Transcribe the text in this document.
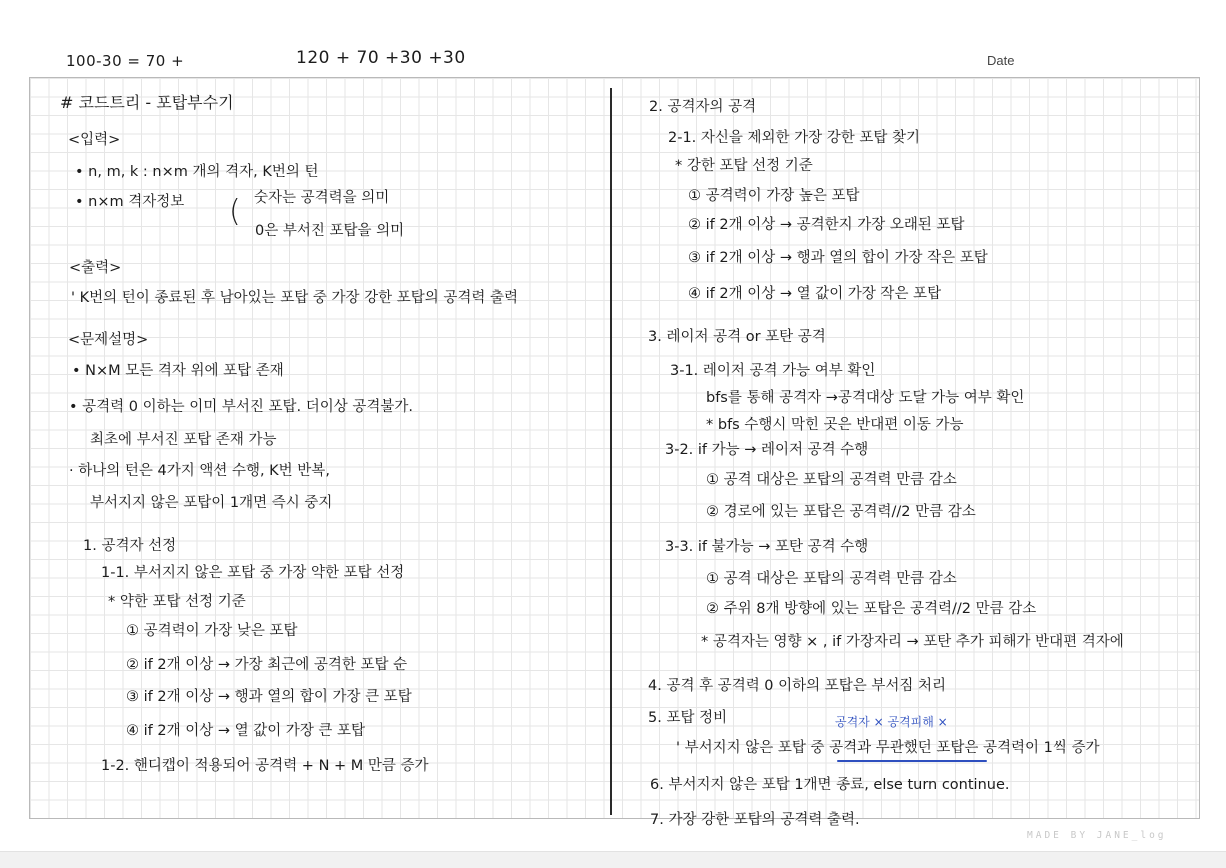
100-30 = 70 +	120 + 70 +30 +30	Date
# 코드트리 - 포탑부수기
<입력>
• n, m, k : n×m 개의 격자, K번의 턴
• n×m 격자정보 ( 숫자는 공격력을 의미
0은 부서진 포탑을 의미
<출력>
' K번의 턴이 종료된 후 남아있는 포탑 중 가장 강한 포탑의 공격력 출력
<문제설명>
• N×M 모든 격자 위에 포탑 존재
• 공격력 0 이하는 이미 부서진 포탑. 더이상 공격불가.
최초에 부서진 포탑 존재 가능
· 하나의 턴은 4가지 액션 수행, K번 반복,
부서지지 않은 포탑이 1개면 즉시 중지
1. 공격자 선정
1-1. 부서지지 않은 포탑 중 가장 약한 포탑 선정
* 약한 포탑 선정 기준
① 공격력이 가장 낮은 포탑
② if 2개 이상 → 가장 최근에 공격한 포탑 순
③ if 2개 이상 → 행과 열의 합이 가장 큰 포탑
④ if 2개 이상 → 열 값이 가장 큰 포탑
1-2. 핸디캡이 적용되어 공격력 + N + M 만큼 증가
2. 공격자의 공격
2-1. 자신을 제외한 가장 강한 포탑 찾기
* 강한 포탑 선정 기준
① 공격력이 가장 높은 포탑
② if 2개 이상 → 공격한지 가장 오래된 포탑
③ if 2개 이상 → 행과 열의 합이 가장 작은 포탑
④ if 2개 이상 → 열 값이 가장 작은 포탑
3. 레이저 공격 or 포탄 공격
3-1. 레이저 공격 가능 여부 확인
bfs를 통해 공격자 →공격대상 도달 가능 여부 확인
* bfs 수행시 막힌 곳은 반대편 이동 가능
3-2. if 가능 → 레이저 공격 수행
① 공격 대상은 포탑의 공격력 만큼 감소
② 경로에 있는 포탑은 공격력//2 만큼 감소
3-3. if 불가능 → 포탄 공격 수행
① 공격 대상은 포탑의 공격력 만큼 감소
② 주위 8개 방향에 있는 포탑은 공격력//2 만큼 감소
* 공격자는 영향 × , if 가장자리 → 포탄 추가 피해가 반대편 격자에
4. 공격 후 공격력 0 이하의 포탑은 부서짐 처리
5. 포탑 정비	공격자 × 공격피해 ×
' 부서지지 않은 포탑 중 공격과 무관했던 포탑은 공격력이 1씩 증가
6. 부서지지 않은 포탑 1개면 종료, else turn continue.
7. 가장 강한 포탑의 공격력 출력.
MADE BY JANE_log
